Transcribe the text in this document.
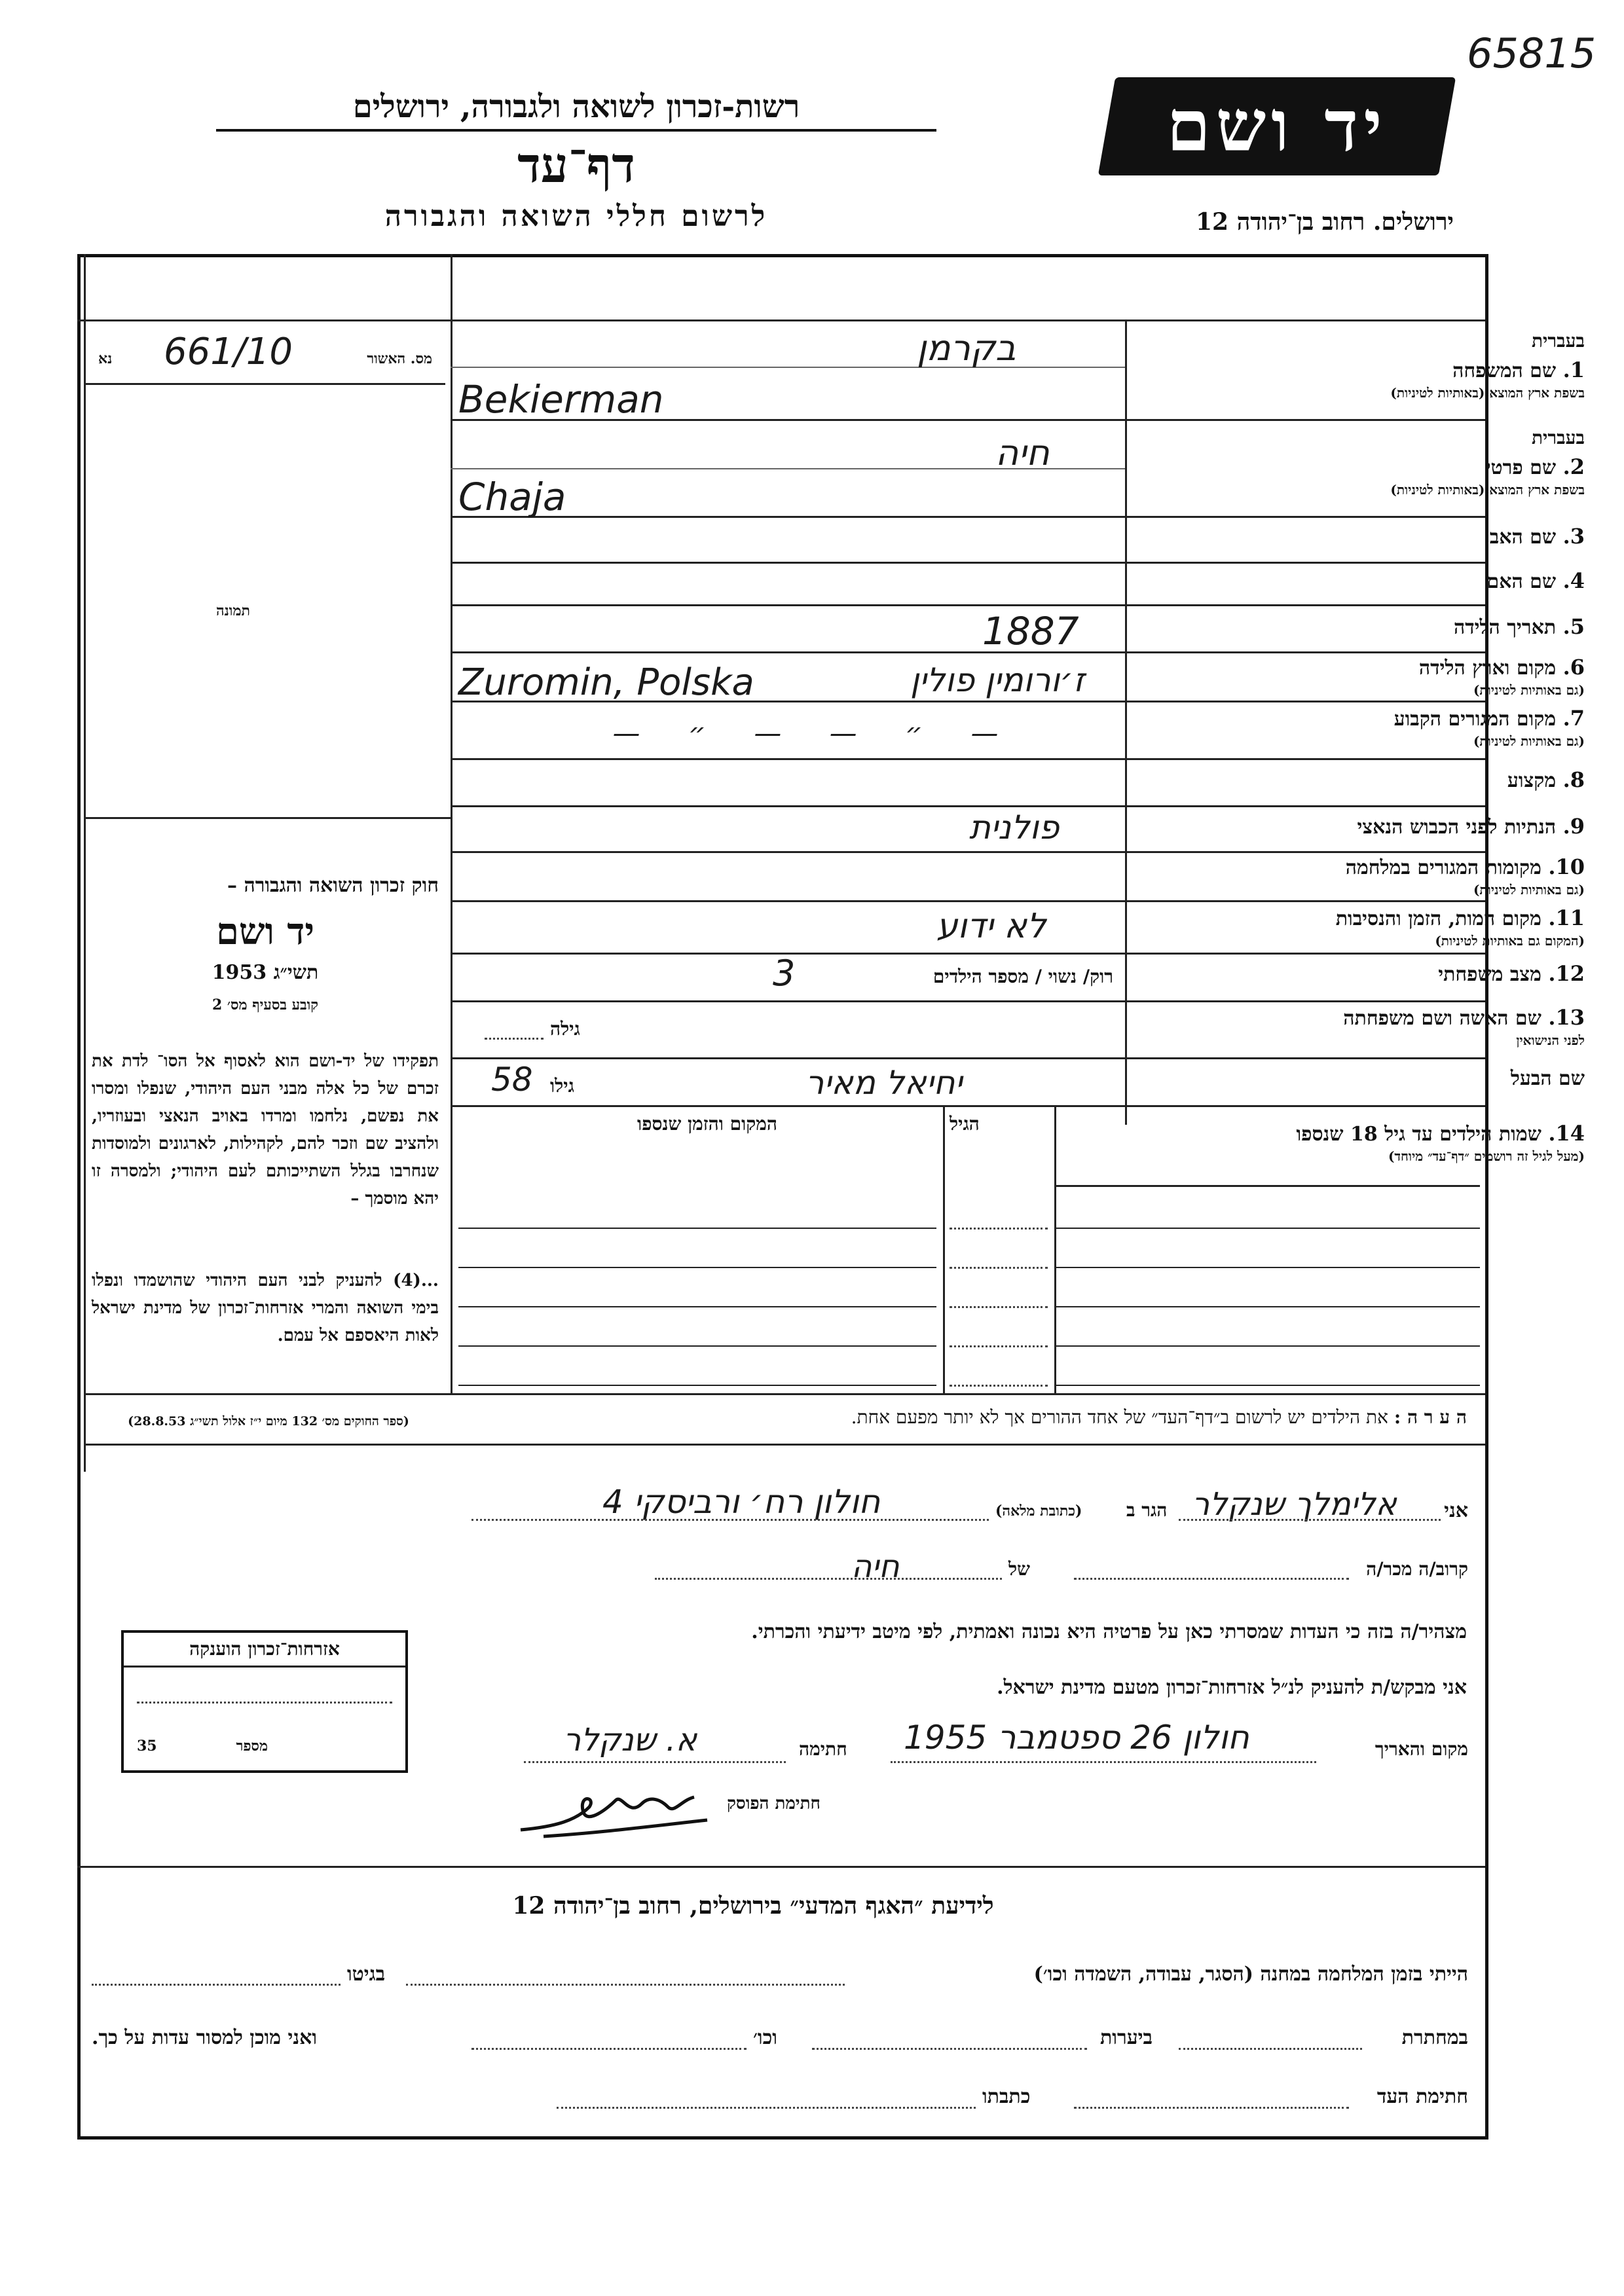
65815
יד ושם
רשות-זכרון לשואה ולגבורה, ירושלים
דף־עד
לרשום חללי השואה והגבורה	ירושלים. רחוב בן־יהודה 12
מס. האשור
נא 661/10
תמונה
חוק זכרון השואה והגבורה –
יד ושם
תשי״ג 1953
קובע בסעיף מס׳ 2
תפקידו של יד-ושם הוא לאסוף אל הסו־ לדת את זכרם של כל אלה מבני העם היהודי, שנפלו ומסרו את נפשם, נלחמו ומרדו באויב הנאצי ובעוזריו, ולהציב שם וזכר להם, לקהילות, לארגונים ולמוסדות שנחרבו בגלל השתייכותם לעם היהודי; ולמסרה זו יהא מוסמך –
...(4) להעניק לבני העם היהודי שהושמדו ונפלו בימי השואה והמרי אזרחות־זכרון של מדינת ישראל לאות היאספם אל עמם.
(ספר החוקים מס׳ 132 מיום י״ז אלול תשי״ג 28.8.53)
אזרחות־זכרון הוענקה
מספר
35
בעברית
1. שם המשפחה
בשפת ארץ המוצא (באותיות לטיניות)
בקרמן
Bekierman
בעברית
2. שם פרטי
בשפת ארץ המוצא (באותיות לטיניות)
חיה
Chaja
3. שם האב
4. שם האם
5. תאריך הלידה
1887
6. מקום וארץ הלידה
(גם באותיות לטיניות)
Zuromin, Polska	ז׳ורומין פולין
7. מקום המגורים הקבוע
(גם באותיות לטיניות)
— ״ — — ״ —
8. מקצוע
9. הנתיות לפני הכבוש הנאצי
פולנית
10. מקומות המגורים במלחמה
(גם באותיות לטיניות)
11. מקום המות, הזמן והנסיבות
(המקום גם באותיות לטיניות)
לא ידוע
12. מצב משפחתי
רוק/ נשוי / מספר הילדים
3
13. שם האשה ושם משפחתה
לפני הנישואין
גילה
שם הבעל
יחיאל מאיר
גילו
58
14. שמות הילדים עד גיל 18 שנספו
(מעל לגיל זה רושמים ״דף־עד״ מיוחד)
הגיל
המקום והזמן שנספו
ה ע ר ה : את הילדים יש לרשום ב״דף־העד״ של אחד ההורים אך לא יותר מפעם אחת.
אני
אלימלך שנקלר
הגר ב
(כתובת מלאה)
חולון רח׳ ורביסקי 4
קרוב/ה מכר/ה
של
חיה
מצהיר/ה בזה כי העדות שמסרתי כאן על פרטיה היא נכונה ואמתית, לפי מיטב ידיעתי והכרתי.
אני מבקש/ת להעניק לנ״ל אזרחות־זכרון מטעם מדינת ישראל.
מקום והאריך
חולון 26 ספטמבר 1955
חתימה
א. שנקלר
חתימת הפוסק
לידיעת ״האגף המדעי״ בירושלים, רחוב בן־יהודה 12
הייתי בזמן המלחמה במחנה (הסגר, עבודה, השמדה וכו׳)
בגיטו
במחתרת
ביערות
וכו׳
ואני מוכן למסור עדות על כך.
חתימת העד
כתבתו
